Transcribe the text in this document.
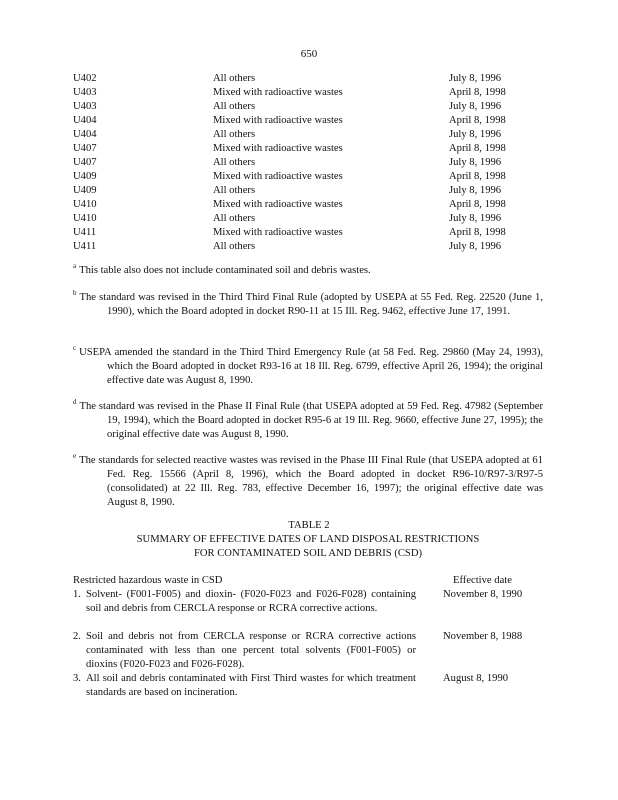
650
U402	All others	July 8, 1996
U403	Mixed with radioactive wastes	April 8, 1998
U403	All others	July 8, 1996
U404	Mixed with radioactive wastes	April 8, 1998
U404	All others	July 8, 1996
U407	Mixed with radioactive wastes	April 8, 1998
U407	All others	July 8, 1996
U409	Mixed with radioactive wastes	April 8, 1998
U409	All others	July 8, 1996
U410	Mixed with radioactive wastes	April 8, 1998
U410	All others	July 8, 1996
U411	Mixed with radioactive wastes	April 8, 1998
U411	All others	July 8, 1996
$^a$ This table also does not include contaminated soil and debris wastes.
$^b$ The standard was revised in the Third Third Final Rule (adopted by USEPA at 55 Fed. Reg. 22520 (June 1, 1990), which the Board adopted in docket R90-11 at 15 Ill. Reg. 9462, effective June 17, 1991.
$^c$ USEPA amended the standard in the Third Third Emergency Rule (at 58 Fed. Reg. 29860 (May 24, 1993), which the Board adopted in docket R93-16 at 18 Ill. Reg. 6799, effective April 26, 1994); the original effective date was August 8, 1990.
$^d$ The standard was revised in the Phase II Final Rule (that USEPA adopted at 59 Fed. Reg. 47982 (September 19, 1994), which the Board adopted in docket R95-6 at 19 Ill. Reg. 9660, effective June 27, 1995); the original effective date was August 8, 1990.
$^e$ The standards for selected reactive wastes was revised in the Phase III Final Rule (that USEPA adopted at 61 Fed. Reg. 15566 (April 8, 1996), which the Board adopted in docket R96-10/R97-3/R97-5 (consolidated) at 22 Ill. Reg. 783, effective December 16, 1997); the original effective date was August 8, 1990.
TABLE 2
SUMMARY OF EFFECTIVE DATES OF LAND DISPOSAL RESTRICTIONS
FOR CONTAMINATED SOIL AND DEBRIS (CSD)
Restricted hazardous waste in CSD	Effective date
1. Solvent- (F001-F005) and dioxin- (F020-F023 and F026-F028) containing soil and debris from CERCLA response or RCRA corrective actions.
November 8, 1990
2. Soil and debris not from CERCLA response or RCRA corrective actions contaminated with less than one percent total solvents (F001-F005) or dioxins (F020-F023 and F026-F028).
November 8, 1988
3. All soil and debris contaminated with First Third wastes for which treatment standards are based on incineration.
August 8, 1990
